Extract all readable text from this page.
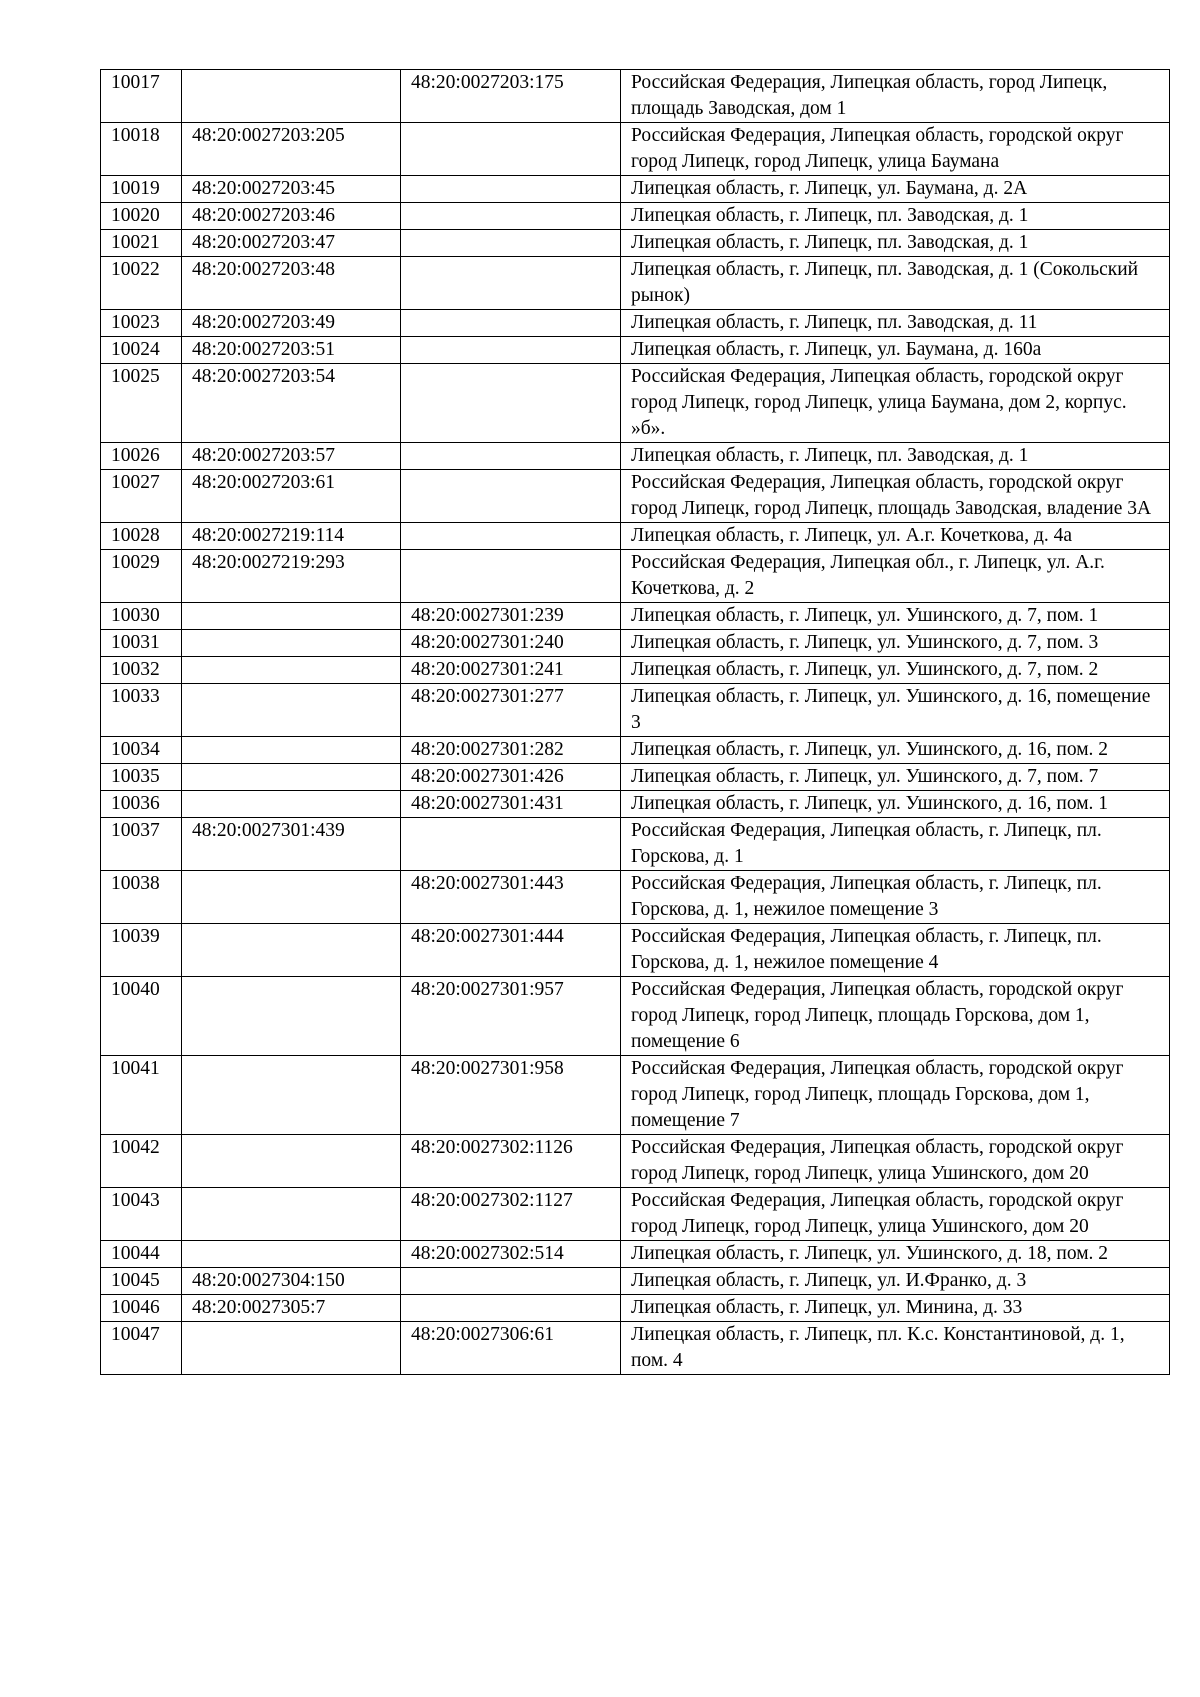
10017		48:20:0027203:175	Российская Федерация, Липецкая область, город Липецк, площадь Заводская, дом 1
10018	48:20:0027203:205		Российская Федерация, Липецкая область, городской округ город Липецк, город Липецк, улица Баумана
10019	48:20:0027203:45		Липецкая область, г. Липецк, ул. Баумана, д. 2А
10020	48:20:0027203:46		Липецкая область, г. Липецк, пл. Заводская, д. 1
10021	48:20:0027203:47		Липецкая область, г. Липецк, пл. Заводская, д. 1
10022	48:20:0027203:48		Липецкая область, г. Липецк, пл. Заводская, д. 1 (Сокольский рынок)
10023	48:20:0027203:49		Липецкая область, г. Липецк, пл. Заводская, д. 11
10024	48:20:0027203:51		Липецкая область, г. Липецк, ул. Баумана, д. 160а
10025	48:20:0027203:54		Российская Федерация, Липецкая область, городской округ город Липецк, город Липецк, улица Баумана, дом 2, корпус. »б».
10026	48:20:0027203:57		Липецкая область, г. Липецк, пл. Заводская, д. 1
10027	48:20:0027203:61		Российская Федерация, Липецкая область, городской округ город Липецк, город Липецк, площадь Заводская, владение 3А
10028	48:20:0027219:114		Липецкая область, г. Липецк, ул. А.г. Кочеткова, д. 4а
10029	48:20:0027219:293		Российская Федерация, Липецкая обл., г. Липецк, ул. А.г. Кочеткова, д. 2
10030		48:20:0027301:239	Липецкая область, г. Липецк, ул. Ушинского, д. 7, пом. 1
10031		48:20:0027301:240	Липецкая область, г. Липецк, ул. Ушинского, д. 7, пом. 3
10032		48:20:0027301:241	Липецкая область, г. Липецк, ул. Ушинского, д. 7, пом. 2
10033		48:20:0027301:277	Липецкая область, г. Липецк, ул. Ушинского, д. 16, помещение 3
10034		48:20:0027301:282	Липецкая область, г. Липецк, ул. Ушинского, д. 16, пом. 2
10035		48:20:0027301:426	Липецкая область, г. Липецк, ул. Ушинского, д. 7, пом. 7
10036		48:20:0027301:431	Липецкая область, г. Липецк, ул. Ушинского, д. 16, пом. 1
10037	48:20:0027301:439		Российская Федерация, Липецкая область, г. Липецк, пл. Горскова, д. 1
10038		48:20:0027301:443	Российская Федерация, Липецкая область, г. Липецк, пл. Горскова, д. 1, нежилое помещение 3
10039		48:20:0027301:444	Российская Федерация, Липецкая область, г. Липецк, пл. Горскова, д. 1, нежилое помещение 4
10040		48:20:0027301:957	Российская Федерация, Липецкая область, городской округ город Липецк, город Липецк, площадь Горскова, дом 1, помещение 6
10041		48:20:0027301:958	Российская Федерация, Липецкая область, городской округ город Липецк, город Липецк, площадь Горскова, дом 1, помещение 7
10042		48:20:0027302:1126	Российская Федерация, Липецкая область, городской округ город Липецк, город Липецк, улица Ушинского, дом 20
10043		48:20:0027302:1127	Российская Федерация, Липецкая область, городской округ город Липецк, город Липецк, улица Ушинского, дом 20
10044		48:20:0027302:514	Липецкая область, г. Липецк, ул. Ушинского, д. 18, пом. 2
10045	48:20:0027304:150		Липецкая область, г. Липецк, ул. И.Франко, д. 3
10046	48:20:0027305:7		Липецкая область, г. Липецк, ул. Минина, д. 33
10047		48:20:0027306:61	Липецкая область, г. Липецк, пл. К.с. Константиновой, д. 1, пом. 4
